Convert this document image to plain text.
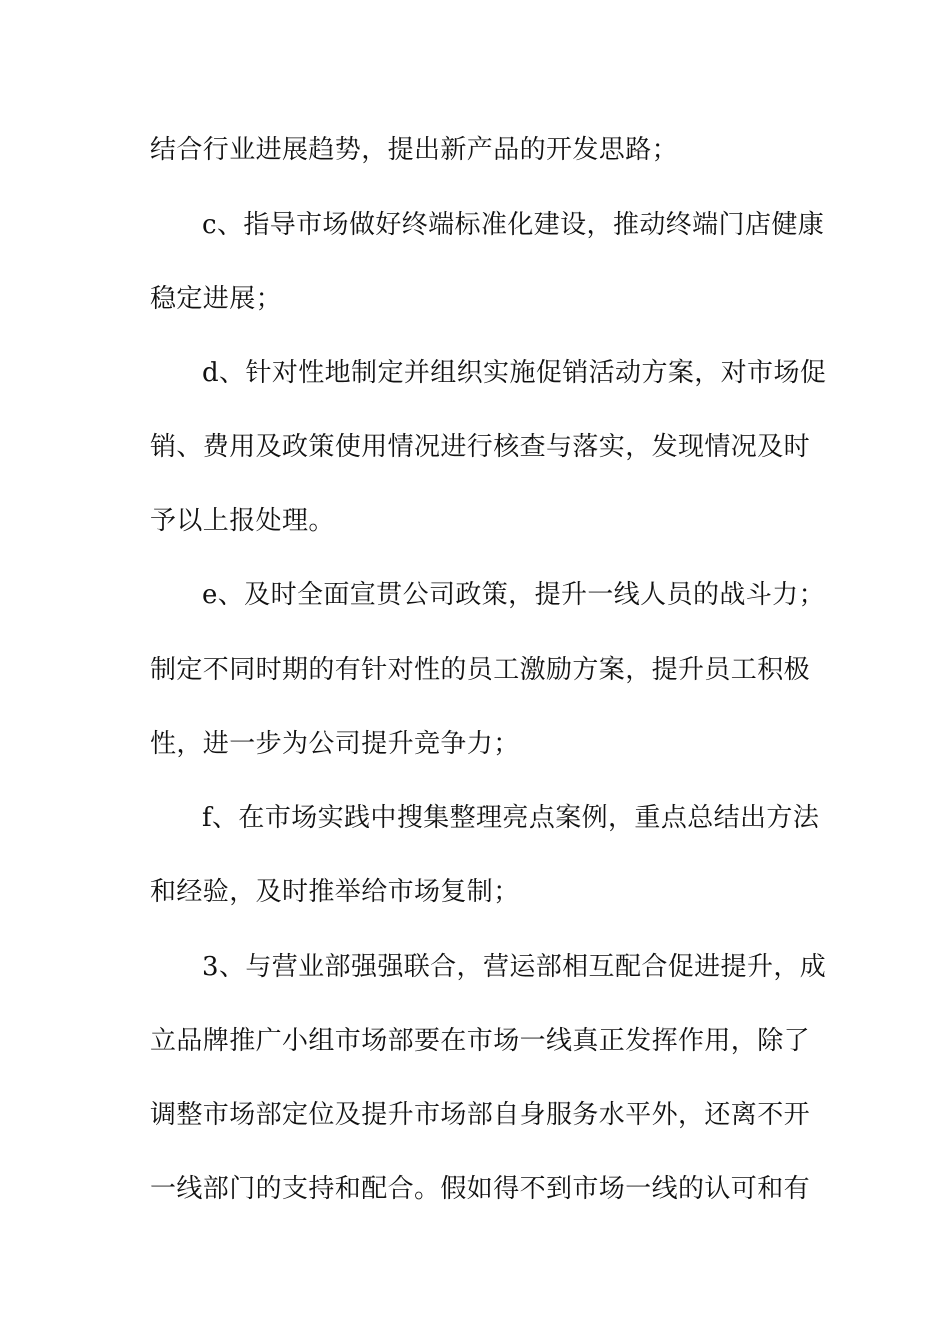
结合行业进展趋势，提出新产品的开发思路；
c、指导市场做好终端标准化建设，推动终端门店健康
稳定进展；
d、针对性地制定并组织实施促销活动方案，对市场促
销、费用及政策使用情况进行核查与落实，发现情况及时
予以上报处理。
e、及时全面宣贯公司政策，提升一线人员的战斗力；
制定不同时期的有针对性的员工激励方案，提升员工积极
性，进一步为公司提升竞争力；
f、在市场实践中搜集整理亮点案例，重点总结出方法
和经验，及时推举给市场复制；
3、与营业部强强联合，营运部相互配合促进提升，成
立品牌推广小组市场部要在市场一线真正发挥作用，除了
调整市场部定位及提升市场部自身服务水平外，还离不开
一线部门的支持和配合。假如得不到市场一线的认可和有
